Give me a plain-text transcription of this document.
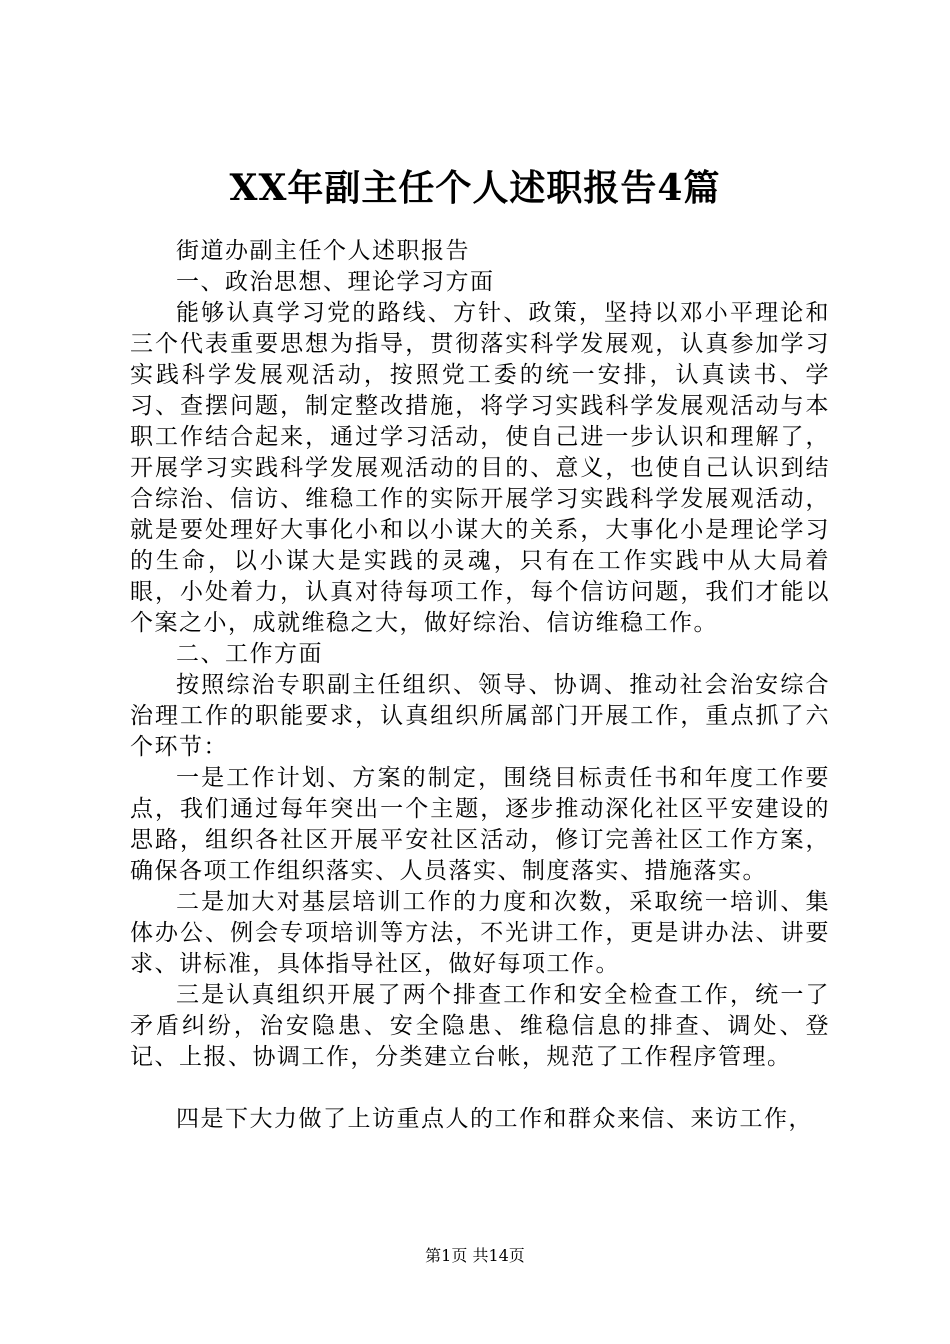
XX年副主任个人述职报告4篇

街道办副主任个人述职报告

一、政治思想、理论学习方面

能够认真学习党的路线、方针、政策，坚持以邓小平理论和三个代表重要思想为指导，贯彻落实科学发展观，认真参加学习实践科学发展观活动，按照党工委的统一安排，认真读书、学习、查摆问题，制定整改措施，将学习实践科学发展观活动与本职工作结合起来，通过学习活动，使自己进一步认识和理解了，开展学习实践科学发展观活动的目的、意义，也使自己认识到结合综治、信访、维稳工作的实际开展学习实践科学发展观活动，就是要处理好大事化小和以小谋大的关系，大事化小是理论学习的生命，以小谋大是实践的灵魂，只有在工作实践中从大局着眼，小处着力，认真对待每项工作，每个信访问题，我们才能以个案之小，成就维稳之大，做好综治、信访维稳工作。

二、工作方面

按照综治专职副主任组织、领导、协调、推动社会治安综合治理工作的职能要求，认真组织所属部门开展工作，重点抓了六个环节：

一是工作计划、方案的制定，围绕目标责任书和年度工作要点，我们通过每年突出一个主题，逐步推动深化社区平安建设的思路，组织各社区开展平安社区活动，修订完善社区工作方案，确保各项工作组织落实、人员落实、制度落实、措施落实。

二是加大对基层培训工作的力度和次数，采取统一培训、集体办公、例会专项培训等方法，不光讲工作，更是讲办法、讲要求、讲标准，具体指导社区，做好每项工作。

三是认真组织开展了两个排查工作和安全检查工作，统一了矛盾纠纷，治安隐患、安全隐患、维稳信息的排查、调处、登记、上报、协调工作，分类建立台帐，规范了工作程序管理。

四是下大力做了上访重点人的工作和群众来信、来访工作，

第1页 共14页
